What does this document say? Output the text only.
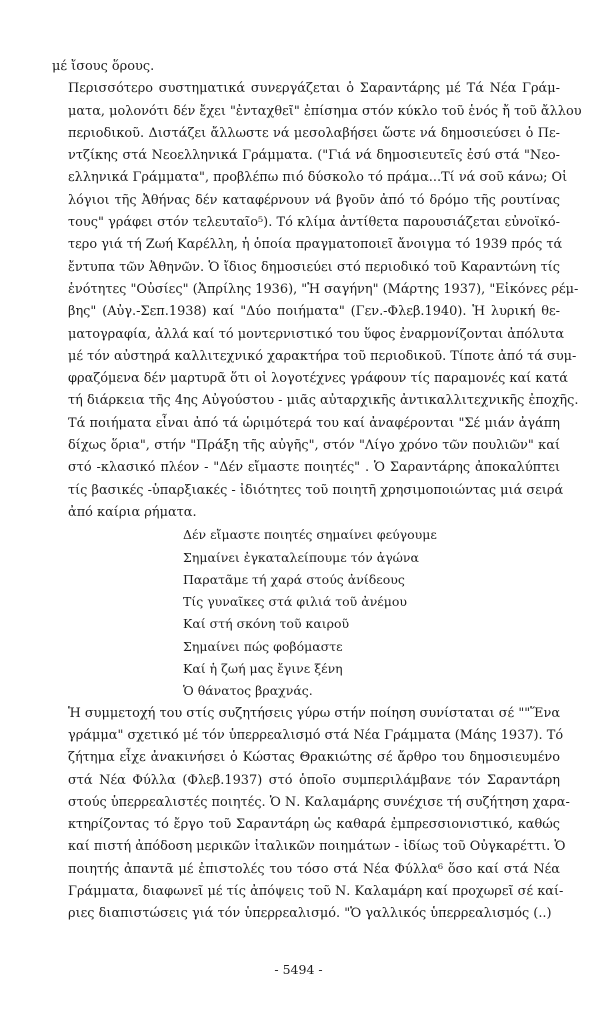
μέ ἴσους ὅρους.

Περισσότερο συστηματικά συνεργάζεται ὁ Σαραντάρης μέ Τά Νέα Γράμ-
ματα, μολονότι δέν ἔχει "ἐνταχθεῖ" ἐπίσημα στόν κύκλο τοῦ ἑνός ἤ τοῦ ἄλλου
περιοδικοῦ. Διστάζει ἄλλωστε νά μεσολαβήσει ὥστε νά δημοσιεύσει ὁ Πε-
ντζίκης στά Νεοελληνικά Γράμματα. ("Γιά νά δημοσιευτεῖς ἐσύ στά "Νεο-
ελληνικά Γράμματα", προβλέπω πιό δύσκολο τό πράμα...Τί νά σοῦ κάνω; Οἱ
λόγιοι τῆς Ἀθήνας δέν καταφέρνουν νά βγοῦν ἀπό τό δρόμο τῆς ρουτίνας
τους" γράφει στόν τελευταῖο⁵). Τό κλίμα ἀντίθετα παρουσιάζεται εὐνοϊκό-
τερο γιά τή Ζωή Καρέλλη, ἡ ὁποία πραγματοποιεῖ ἄνοιγμα τό 1939 πρός τά
ἔντυπα τῶν Ἀθηνῶν. Ὁ ἴδιος δημοσιεύει στό περιοδικό τοῦ Καραντώνη τίς
ἑνότητες "Οὐσίες" (Ἀπρίλης 1936), "Ἡ σαγήνη" (Μάρτης 1937), "Εἰκόνες ρέμ-
βης" (Αὐγ.-Σεπ.1938) καί "Δύο ποιήματα" (Γεν.-Φλεβ.1940). Ἡ λυρική θε-
ματογραφία, ἀλλά καί τό μοντερνιστικό του ὕφος ἐναρμονίζονται ἀπόλυτα
μέ τόν αὐστηρά καλλιτεχνικό χαρακτήρα τοῦ περιοδικοῦ. Τίποτε ἀπό τά συμ-
φραζόμενα δέν μαρτυρᾶ ὅτι οἱ λογοτέχνες γράφουν τίς παραμονές καί κατά
τή διάρκεια τῆς 4ης Αὐγούστου - μιᾶς αὐταρχικῆς ἀντικαλλιτεχνικῆς ἐποχῆς.
Τά ποιήματα εἶναι ἀπό τά ὡριμότερά του καί ἀναφέρονται "Σέ μιάν ἀγάπη
δίχως ὅρια", στήν "Πράξη τῆς αὐγῆς", στόν "Λίγο χρόνο τῶν πουλιῶν" καί
στό -κλασικό πλέον - "Δέν εἴμαστε ποιητές" . Ὁ Σαραντάρης ἀποκαλύπτει
τίς βασικές -ὑπαρξιακές - ἰδιότητες τοῦ ποιητῆ χρησιμοποιώντας μιά σειρά
ἀπό καίρια ρήματα.

Δέν εἴμαστε ποιητές σημαίνει φεύγουμε
Σημαίνει ἐγκαταλείπουμε τόν ἀγώνα
Παρατᾶμε τή χαρά στούς ἀνίδεους
Τίς γυναῖκες στά φιλιά τοῦ ἀνέμου
Καί στή σκόνη τοῦ καιροῦ
Σημαίνει πώς φοβόμαστε
Καί ἡ ζωή μας ἔγινε ξένη
Ὁ θάνατος βραχνάς.

Ἡ συμμετοχή του στίς συζητήσεις γύρω στήν ποίηση συνίσταται σέ ""Ἕνα
γράμμα" σχετικό μέ τόν ὑπερρεαλισμό στά Νέα Γράμματα (Μάης 1937). Τό
ζήτημα εἶχε ἀνακινήσει ὁ Κώστας Θρακιώτης σέ ἄρθρο του δημοσιευμένο
στά Νέα Φύλλα (Φλεβ.1937) στό ὁποῖο συμπεριλάμβανε τόν Σαραντάρη
στούς ὑπερρεαλιστές ποιητές. Ὁ Ν. Καλαμάρης συνέχισε τή συζήτηση χαρα-
κτηρίζοντας τό ἔργο τοῦ Σαραντάρη ὡς καθαρά ἐμπρεσσιονιστικό, καθώς
καί πιστή ἀπόδοση μερικῶν ἰταλικῶν ποιημάτων - ἰδίως τοῦ Οὐγκαρέττι. Ὁ
ποιητής ἀπαντᾶ μέ ἐπιστολές του τόσο στά Νέα Φύλλα⁶ ὅσο καί στά Νέα
Γράμματα, διαφωνεῖ μέ τίς ἀπόψεις τοῦ Ν. Καλαμάρη καί προχωρεῖ σέ καί-
ριες διαπιστώσεις γιά τόν ὑπερρεαλισμό. "Ὁ γαλλικός ὑπερρεαλισμός (..)

- 5494 -
